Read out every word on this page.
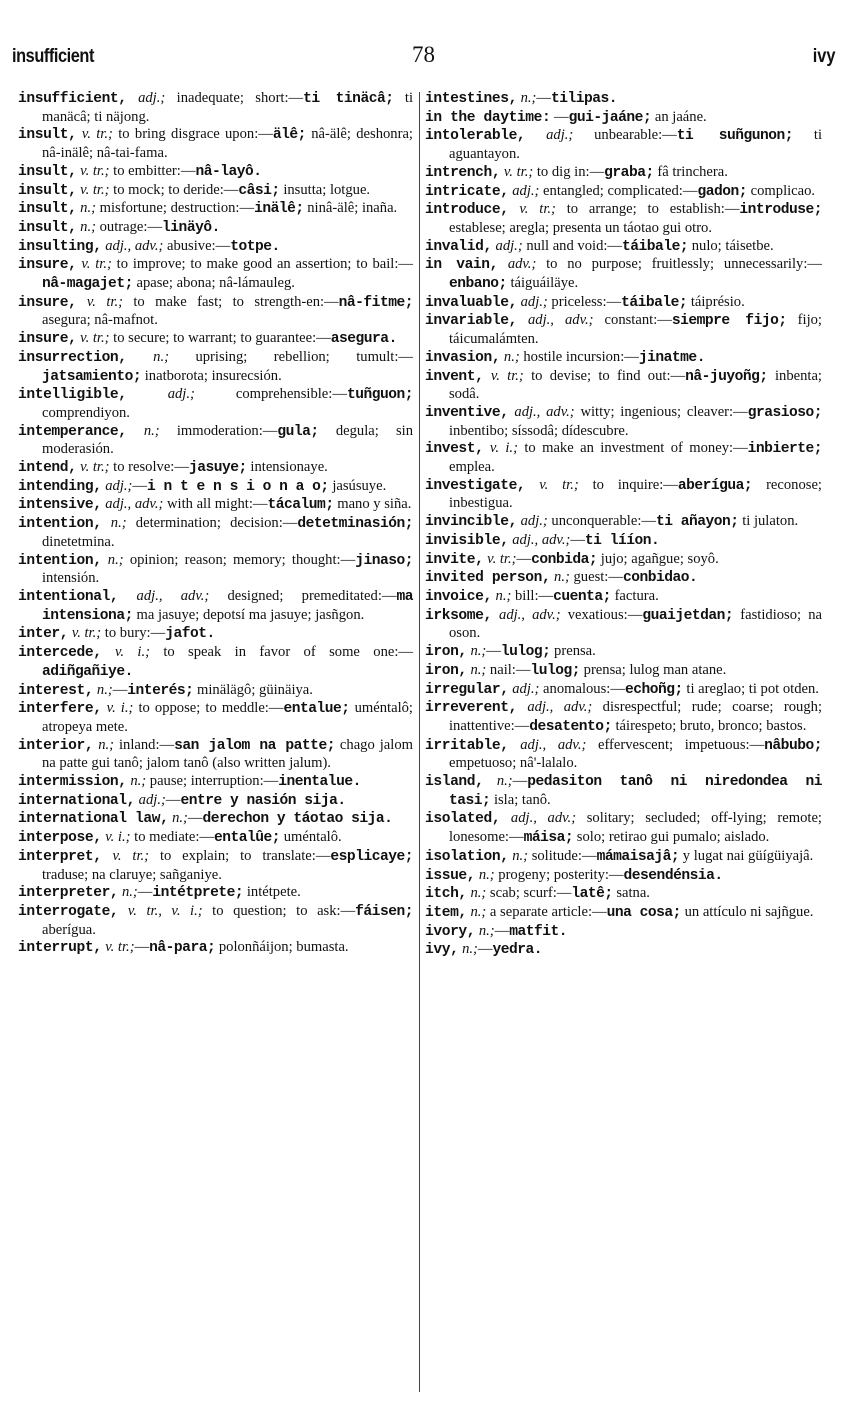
insufficient	78	ivy

insufficient, adj.; inadequate; short:—ti tinäcâ; ti manäcâ; ti näjong.

insult, v. tr.; to bring disgrace upon:—älê; nâ-älê; deshonra; nâ-inälê; nâ-tai-fama.

insult, v. tr.; to embitter:—nâ-layô.

insult, v. tr.; to mock; to deride:—câsi; insutta; lotgue.

insult, n.; misfortune; destruction:—inälê; ninâ-älê; inaña.

insult, n.; outrage:—linäyô.

insulting, adj., adv.; abusive:—totpe.

insure, v. tr.; to improve; to make good an assertion; to bail:—nâ-magajet; apase; abona; nâ-lámauleg.

insure, v. tr.; to make fast; to strength-en:—nâ-fitme; asegura; nâ-mafnot.

insure, v. tr.; to secure; to warrant; to guarantee:—asegura.

insurrection, n.; uprising; rebellion; tumult:—jatsamiento; inatborota; insurecsión.

intelligible,	adj.; comprehensible:—tuñguon; comprendiyon.

intemperance, n.; immoderation:—gula; degula; sin moderasión.

intend, v. tr.; to resolve:—jasuye; intensionaye.

intending, adj.;—i n t e n s i o n a o; jasúsuye.

intensive, adj., adv.; with all might:—tácalum; mano y siña.

intention, n.; determination; decision:—detetminasión; dinetetmina.

intention, n.; opinion; reason; memory; thought:—jinaso; intensión.

intentional, adj., adv.; designed; premeditated:—ma intensiona; ma jasuye; depotsí ma jasuye; jasñgon.

inter, v. tr.; to bury:—jafot.

intercede, v. i.; to speak in favor of some one:—adiñgañiye.

interest, n.;—interés; minälägô; güinäiya.

interfere, v. i.; to oppose; to meddle:—entalue; uméntalô; atropeya mete.

interior, n.; inland:—san jalom na patte; chago jalom na patte gui tanô; jalom tanô (also written jalum).

intermission, n.; pause; interruption:—inentalue.

international, adj.;—entre y nasión sija.

international law, n.;—derechon y táotao sija.

interpose, v. i.; to mediate:—entalûe; uméntalô.

interpret, v. tr.; to explain; to translate:—esplicaye; traduse; na claruye; sañganiye.

interpreter, n.;—intétprete; intétpete.

interrogate, v. tr., v. i.; to question; to ask:—fáisen; aberígua.

interrupt, v. tr.;—nâ-para; polonñáijon; bumasta.

intestines, n.;—tilipas.

in the daytime: —gui-jaáne; an jaáne.

intolerable, adj.; unbearable:—ti suñgunon; ti aguantayon.

intrench, v. tr.; to dig in:—graba; fâ trinchera.

intricate, adj.; entangled; complicated:—gadon; complicao.

introduce, v. tr.; to arrange; to establish:—introduse; establese; aregla; presenta un táotao gui otro.

invalid, adj.; null and void:—táibale; nulo; táisetbe.

in vain, adv.; to no purpose; fruitlessly; unnecessarily:—enbano; táiguáiläye.

invaluable, adj.; priceless:—táibale; táiprésio.

invariable, adj., adv.; constant:—siempre fijo; fijo; táicumalámten.

invasion, n.; hostile incursion:—jinatme.

invent, v. tr.; to devise; to find out:—nâ-juyoñg; inbenta; sodâ.

inventive, adj., adv.; witty; ingenious; cleaver:—grasioso; inbentibo; síssodâ; dídescubre.

invest, v. i.; to make an investment of money:—inbierte; emplea.

investigate, v. tr.; to inquire:—aberígua; reconose; inbestigua.

invincible, adj.; unconquerable:—ti añayon; ti julaton.

invisible, adj., adv.;—ti lííon.

invite, v. tr.;—conbida; jujo; agañgue; soyô.

invited person, n.; guest:—conbidao.

invoice, n.; bill:—cuenta; factura.

irksome, adj., adv.; vexatious:—guaijetdan; fastidioso; na oson.

iron, n.;—lulog; prensa.

iron, n.; nail:—lulog; prensa; lulog man atane.

irregular, adj.; anomalous:—echoñg; ti areglao; ti pot otden.

irreverent, adj., adv.; disrespectful; rude; coarse; rough; inattentive:—desatento; táirespeto; bruto, bronco; bastos.

irritable, adj., adv.; effervescent; impetuous:—nâbubo; empetuoso; nâ'-lalalo.

island, n.;—pedasiton tanô ni niredondea ni tasi; isla; tanô.

isolated, adj., adv.; solitary; secluded; off-lying; remote; lonesome:—máisa; solo; retirao gui pumalo; aislado.

isolation, n.; solitude:—mámaisajâ; y lugat nai güígüiyajâ.

issue, n.; progeny; posterity:—desendénsia.

itch, n.; scab; scurf:—latê; satna.

item, n.; a separate article:—una cosa; un attículo ni sajñgue.

ivory, n.;—matfit.

ivy, n.;—yedra.
